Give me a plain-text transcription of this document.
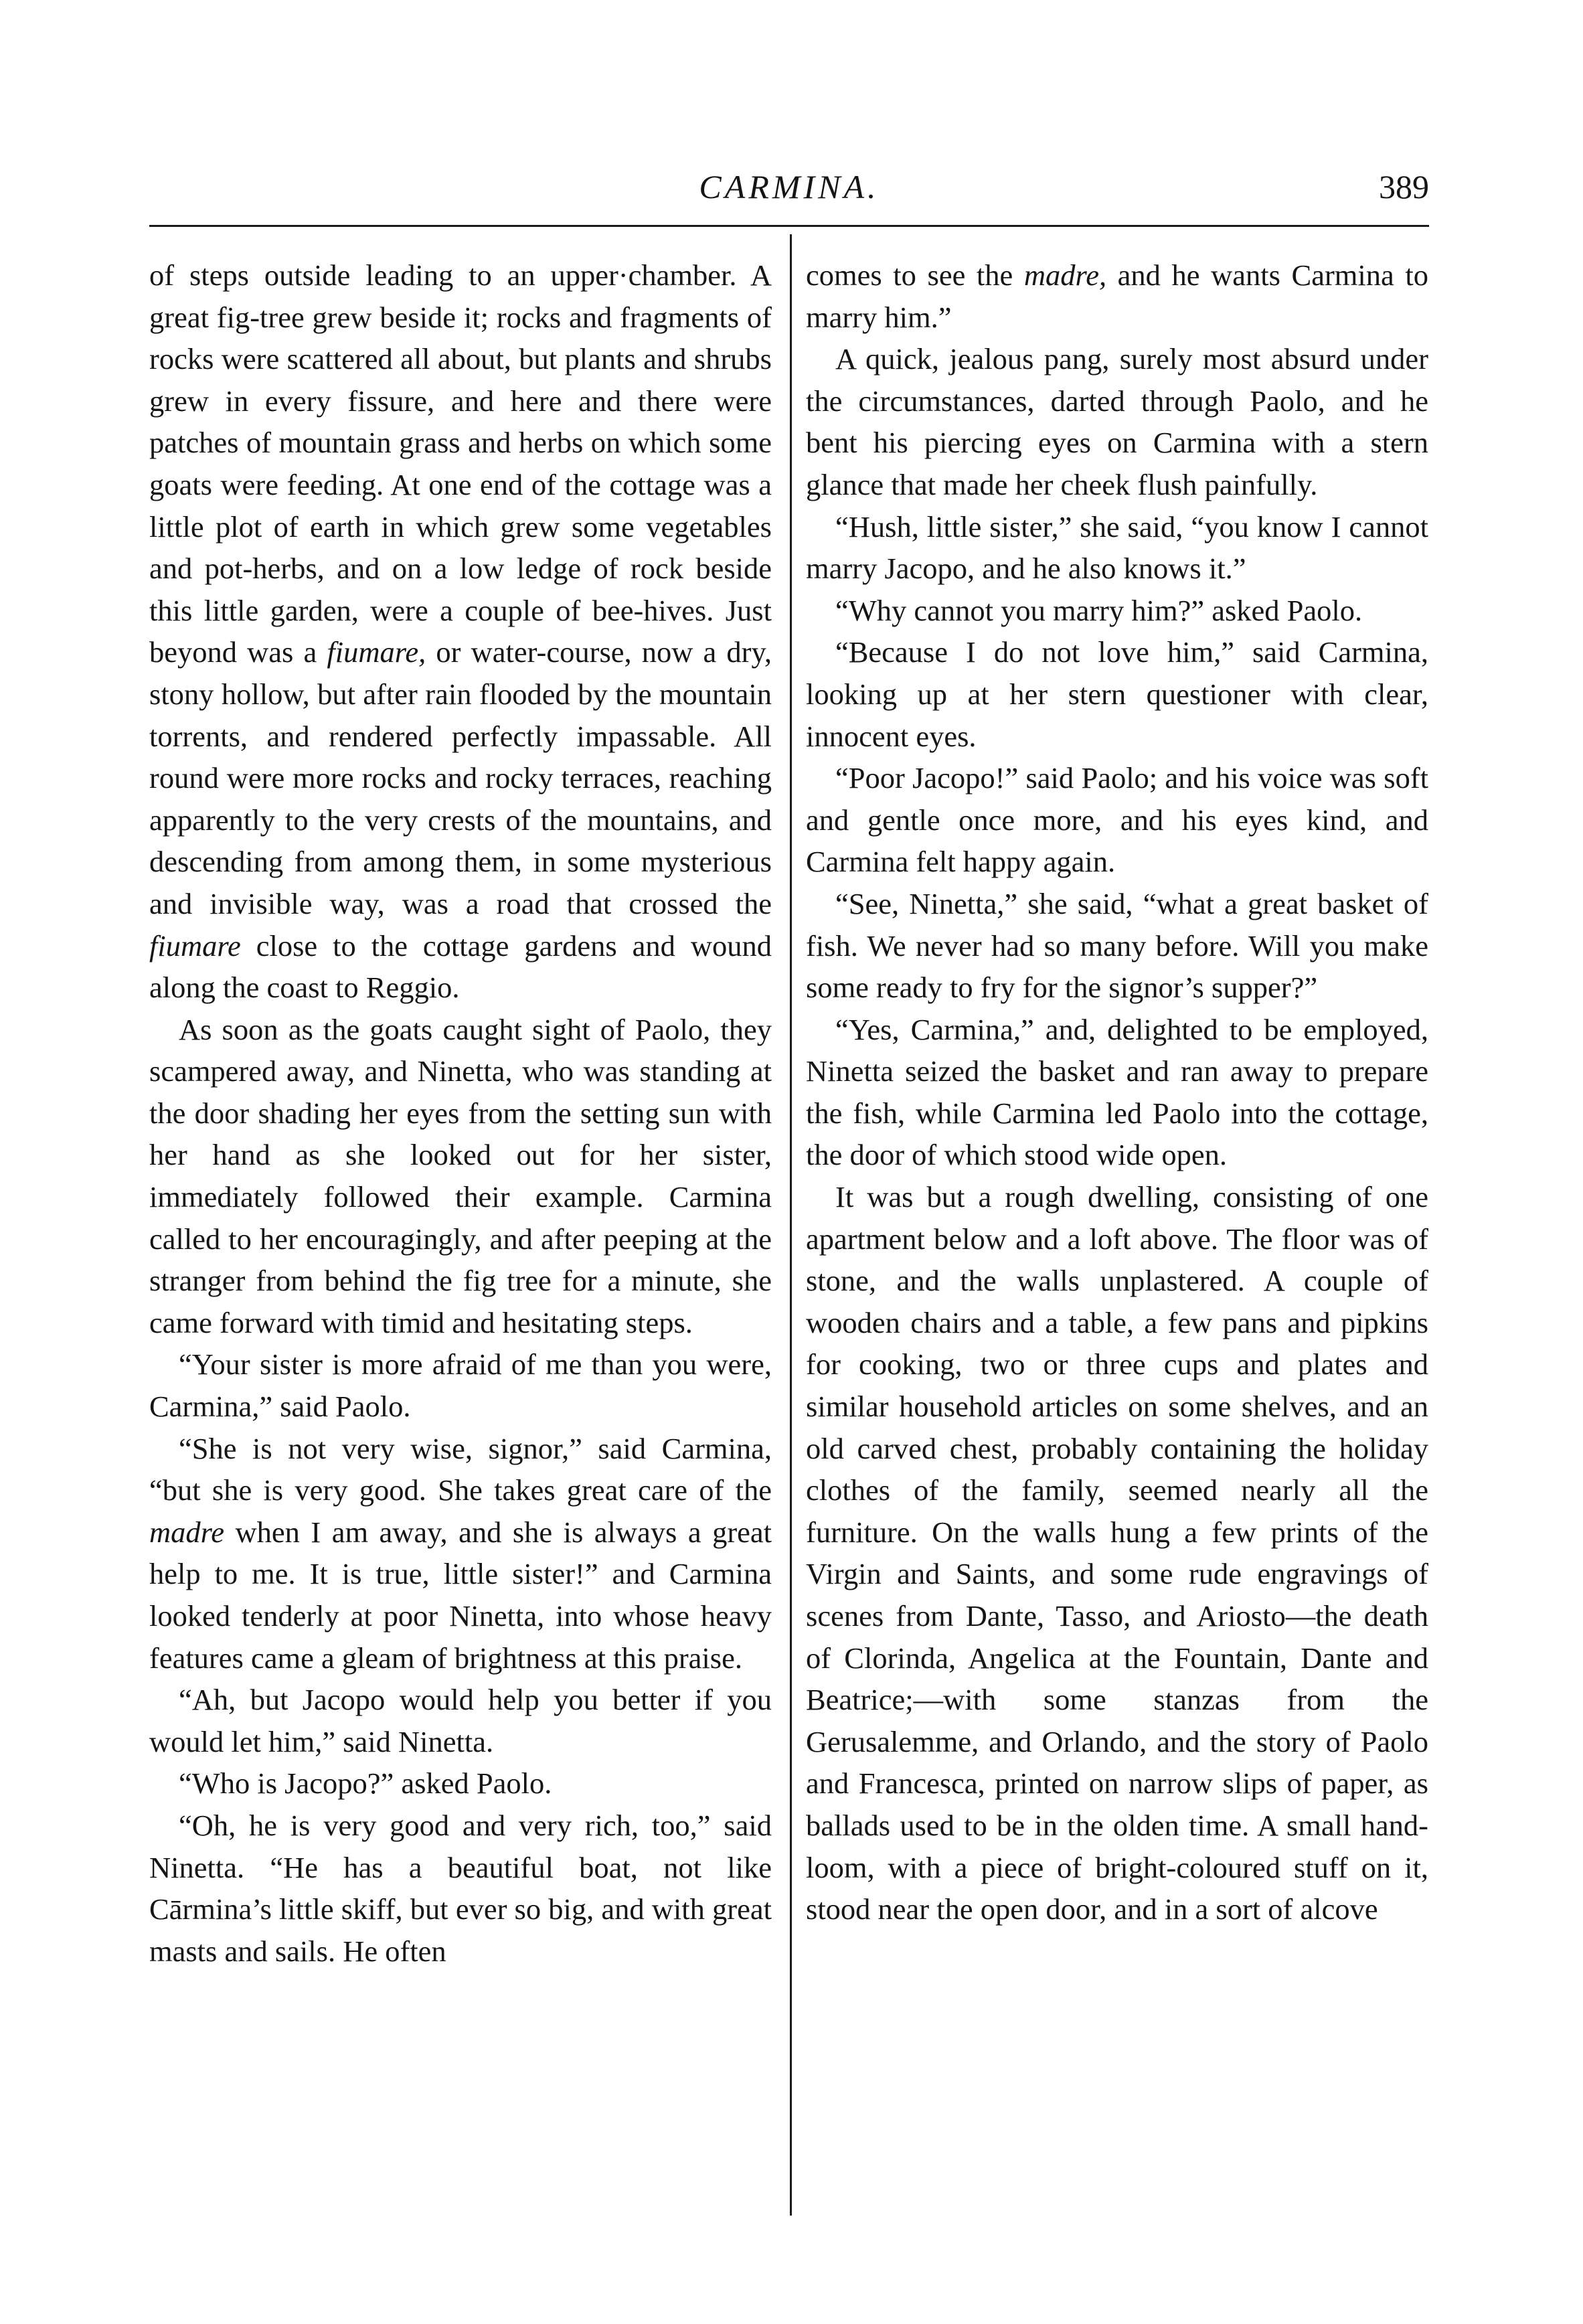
CARMINA.	389

of steps outside leading to an upper·chamber. A great fig-tree grew beside it; rocks and fragments of rocks were scattered all about, but plants and shrubs grew in every fissure, and here and there were patches of mountain grass and herbs on which some goats were feeding. At one end of the cottage was a little plot of earth in which grew some vegetables and pot-herbs, and on a low ledge of rock beside this little garden, were a couple of bee-hives. Just beyond was a fiumare, or water-course, now a dry, stony hollow, but after rain flooded by the mountain torrents, and rendered perfectly impassable. All round were more rocks and rocky terraces, reaching apparently to the very crests of the mountains, and descending from among them, in some mysterious and invisible way, was a road that crossed the fiumare close to the cottage gardens and wound along the coast to Reggio.

As soon as the goats caught sight of Paolo, they scampered away, and Ninetta, who was standing at the door shading her eyes from the setting sun with her hand as she looked out for her sister, immediately followed their example. Carmina called to her encouragingly, and after peeping at the stranger from behind the fig tree for a minute, she came forward with timid and hesitating steps.

“Your sister is more afraid of me than you were, Carmina,” said Paolo.

“She is not very wise, signor,” said Carmina, “but she is very good. She takes great care of the madre when I am away, and she is always a great help to me. It is true, little sister!” and Carmina looked tenderly at poor Ninetta, into whose heavy features came a gleam of brightness at this praise.

“Ah, but Jacopo would help you better if you would let him,” said Ninetta.

“Who is Jacopo?” asked Paolo.

“Oh, he is very good and very rich, too,” said Ninetta. “He has a beautiful boat, not like Cārmina’s little skiff, but ever so big, and with great masts and sails. He often

comes to see the madre, and he wants Carmina to marry him.”

A quick, jealous pang, surely most absurd under the circumstances, darted through Paolo, and he bent his piercing eyes on Carmina with a stern glance that made her cheek flush painfully.

“Hush, little sister,” she said, “you know I cannot marry Jacopo, and he also knows it.”

“Why cannot you marry him?” asked Paolo.

“Because I do not love him,” said Carmina, looking up at her stern questioner with clear, innocent eyes.

“Poor Jacopo!” said Paolo; and his voice was soft and gentle once more, and his eyes kind, and Carmina felt happy again.

“See, Ninetta,” she said, “what a great basket of fish. We never had so many before. Will you make some ready to fry for the signor’s supper?”

“Yes, Carmina,” and, delighted to be employed, Ninetta seized the basket and ran away to prepare the fish, while Carmina led Paolo into the cottage, the door of which stood wide open.

It was but a rough dwelling, consisting of one apartment below and a loft above. The floor was of stone, and the walls unplastered. A couple of wooden chairs and a table, a few pans and pipkins for cooking, two or three cups and plates and similar household articles on some shelves, and an old carved chest, probably containing the holiday clothes of the family, seemed nearly all the furniture. On the walls hung a few prints of the Virgin and Saints, and some rude engravings of scenes from Dante, Tasso, and Ariosto—the death of Clorinda, Angelica at the Fountain, Dante and Beatrice;—with some stanzas from the Gerusalemme, and Orlando, and the story of Paolo and Francesca, printed on narrow slips of paper, as ballads used to be in the olden time. A small hand-loom, with a piece of bright-coloured stuff on it, stood near the open door, and in a sort of alcove
